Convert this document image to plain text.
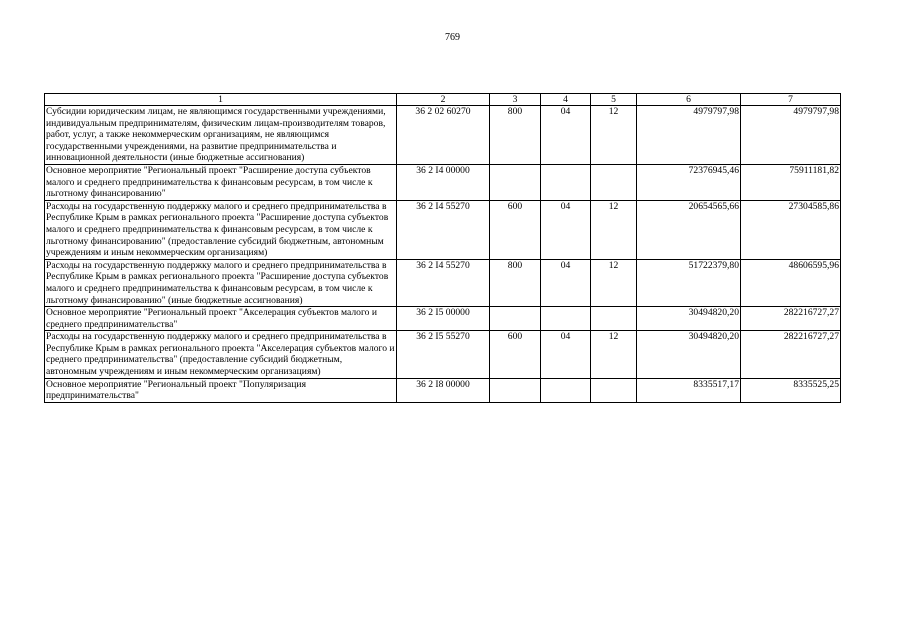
769
1	2	3	4	5	6	7
Субсидии юридическим лицам, не являющимся государственными учреждениями, индивидуальным предпринимателям, физическим лицам-производителям товаров, работ, услуг, а также некоммерческим организациям, не являющимся государственными учреждениями, на развитие предпринимательства и инновационной деятельности (иные бюджетные ассигнования)	36 2 02 60270	800	04	12	4979797,98	4979797,98
Основное мероприятие "Региональный проект "Расширение доступа субъектов малого и среднего предпринимательства к финансовым ресурсам, в том числе к льготному финансированию"	36 2 I4 00000				72376945,46	75911181,82
Расходы на государственную поддержку малого и среднего предпринимательства в Республике Крым в рамках регионального проекта "Расширение доступа субъектов малого и среднего предпринимательства к финансовым ресурсам, в том числе к льготному финансированию" (предоставление субсидий бюджетным, автономным учреждениям и иным некоммерческим организациям)	36 2 I4 55270	600	04	12	20654565,66	27304585,86
Расходы на государственную поддержку малого и среднего предпринимательства в Республике Крым в рамках регионального проекта "Расширение доступа субъектов малого и среднего предпринимательства к финансовым ресурсам, в том числе к льготному финансированию" (иные бюджетные ассигнования)	36 2 I4 55270	800	04	12	51722379,80	48606595,96
Основное мероприятие "Региональный проект "Акселерация субъектов малого и среднего предпринимательства"	36 2 I5 00000				30494820,20	282216727,27
Расходы на государственную поддержку малого и среднего предпринимательства в Республике Крым в рамках регионального проекта "Акселерация субъектов малого и среднего предпринимательства" (предоставление субсидий бюджетным, автономным учреждениям и иным некоммерческим организациям)	36 2 I5 55270	600	04	12	30494820,20	282216727,27
Основное мероприятие "Региональный проект "Популяризация предпринимательства"	36 2 I8 00000				8335517,17	8335525,25
